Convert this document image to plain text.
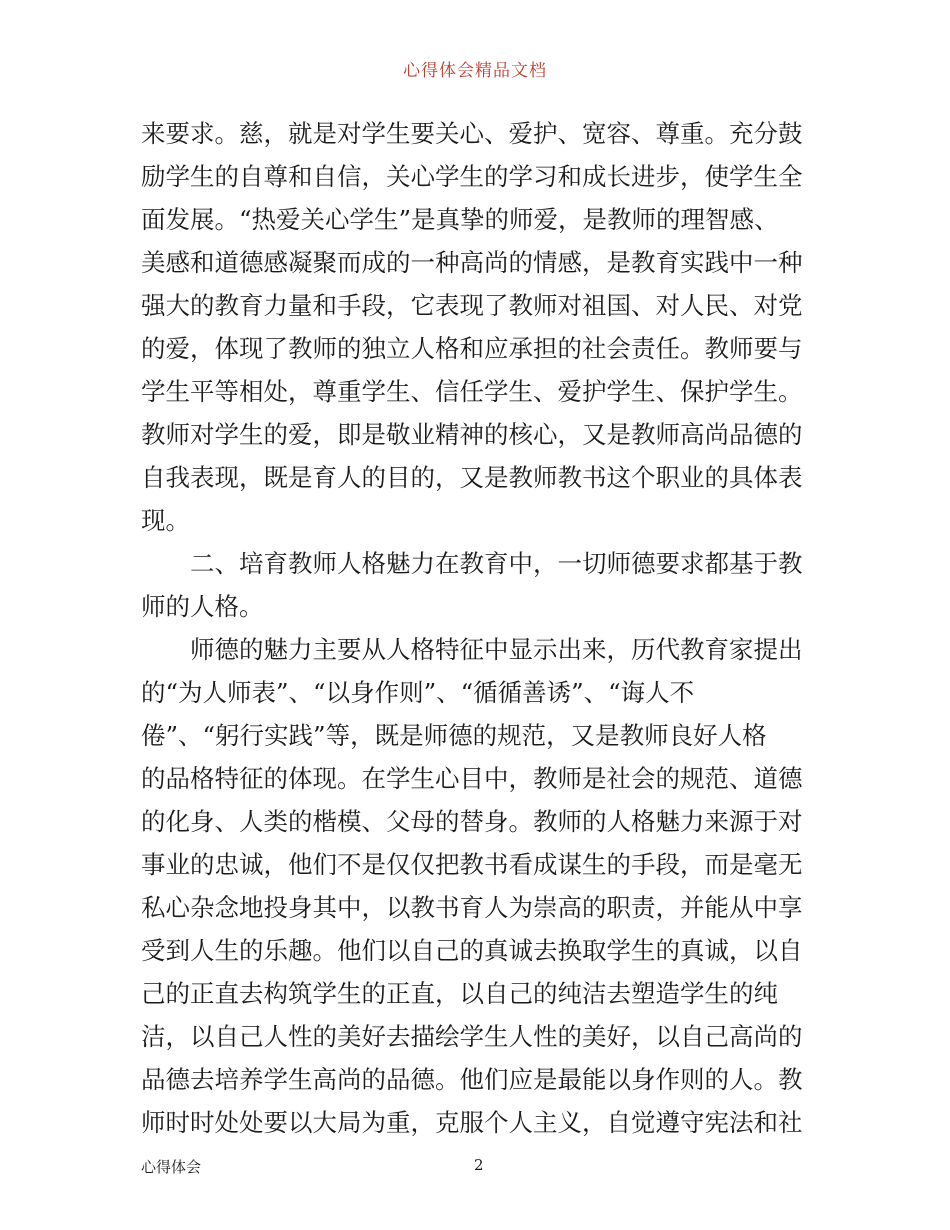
心得体会精品文档
来要求。慈，就是对学生要关心、爱护、宽容、尊重。充分鼓
励学生的自尊和自信，关心学生的学习和成长进步，使学生全
面发展。“热爱关心学生”是真挚的师爱，是教师的理智感、
美感和道德感凝聚而成的一种高尚的情感，是教育实践中一种
强大的教育力量和手段，它表现了教师对祖国、对人民、对党
的爱，体现了教师的独立人格和应承担的社会责任。教师要与
学生平等相处，尊重学生、信任学生、爱护学生、保护学生。
教师对学生的爱，即是敬业精神的核心，又是教师高尚品德的
自我表现，既是育人的目的，又是教师教书这个职业的具体表
现。
二、培育教师人格魅力在教育中，一切师德要求都基于教
师的人格。
师德的魅力主要从人格特征中显示出来，历代教育家提出
的“为人师表”、“以身作则”、“循循善诱”、“诲人不
倦”、“躬行实践”等，既是师德的规范，又是教师良好人格
的品格特征的体现。在学生心目中，教师是社会的规范、道德
的化身、人类的楷模、父母的替身。教师的人格魅力来源于对
事业的忠诚，他们不是仅仅把教书看成谋生的手段，而是毫无
私心杂念地投身其中，以教书育人为崇高的职责，并能从中享
受到人生的乐趣。他们以自己的真诚去换取学生的真诚，以自
己的正直去构筑学生的正直，以自己的纯洁去塑造学生的纯
洁，以自己人性的美好去描绘学生人性的美好，以自己高尚的
品德去培养学生高尚的品德。他们应是最能以身作则的人。教
师时时处处要以大局为重，克服个人主义，自觉遵守宪法和社
心得体会	2
